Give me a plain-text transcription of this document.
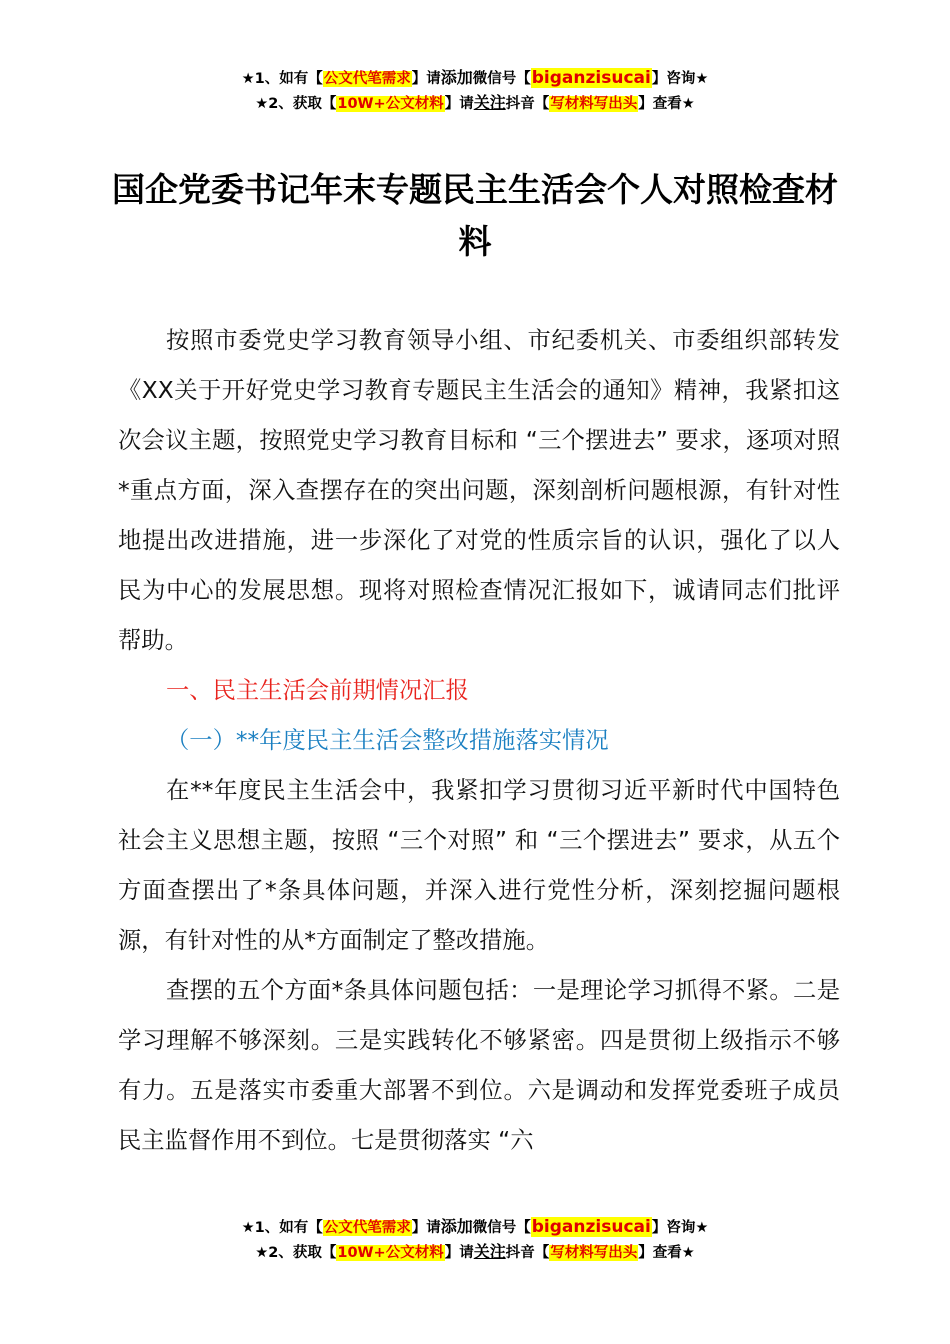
★1、如有【公文代笔需求】请添加微信号【biganzisucai】咨询★
★2、获取【10W+公文材料】请关注抖音【写材料写出头】查看★
国企党委书记年末专题民主生活会个人对照检查材料

按照市委党史学习教育领导小组、市纪委机关、市委组织部转发《XX关于开好党史学习教育专题民主生活会的通知》精神，我紧扣这次会议主题，按照党史学习教育目标和 “三个摆进去” 要求，逐项对照*重点方面，深入查摆存在的突出问题，深刻剖析问题根源，有针对性地提出改进措施，进一步深化了对党的性质宗旨的认识，强化了以人民为中心的发展思想。现将对照检查情况汇报如下，诚请同志们批评帮助。

一、民主生活会前期情况汇报

（一）**年度民主生活会整改措施落实情况

在**年度民主生活会中，我紧扣学习贯彻习近平新时代中国特色社会主义思想主题，按照 “三个对照” 和 “三个摆进去” 要求，从五个方面查摆出了*条具体问题，并深入进行党性分析，深刻挖掘问题根源，有针对性的从*方面制定了整改措施。

查摆的五个方面*条具体问题包括：一是理论学习抓得不紧。二是学习理解不够深刻。三是实践转化不够紧密。四是贯彻上级指示不够有力。五是落实市委重大部署不到位。六是调动和发挥党委班子成员民主监督作用不到位。七是贯彻落实 “六

★1、如有【公文代笔需求】请添加微信号【biganzisucai】咨询★
★2、获取【10W+公文材料】请关注抖音【写材料写出头】查看★
